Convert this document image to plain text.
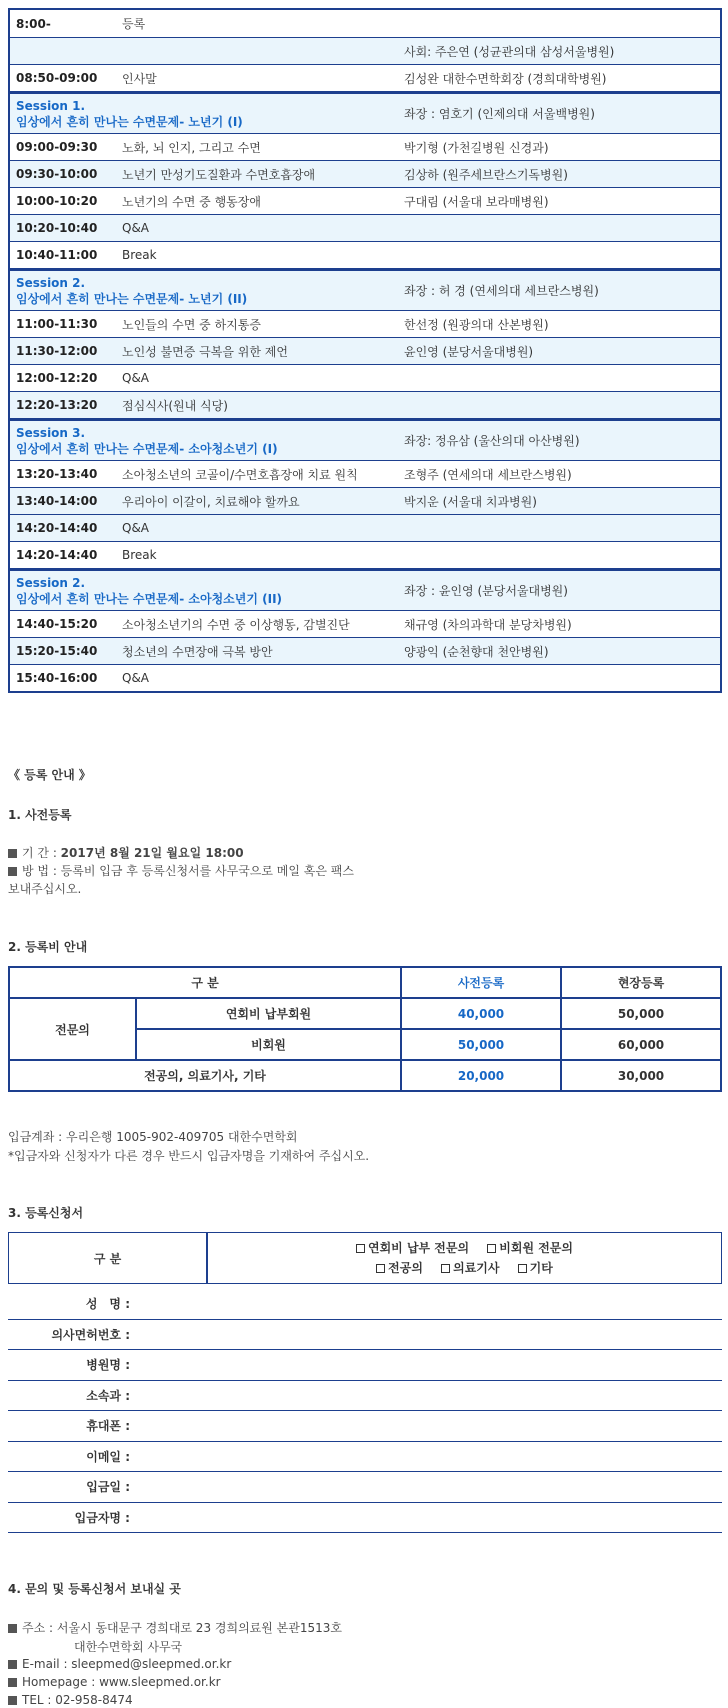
8:00-	등록
사회: 주은연 (성균관의대 삼성서울병원)
08:50-09:00	인사말	김성완 대한수면학회장 (경희대학병원)
Session 1.
임상에서 흔히 만나는 수면문제- 노년기 (I)
좌장 : 염호기 (인제의대 서울백병원)
09:00-09:30	노화, 뇌 인지, 그리고 수면	박기형 (가천길병원 신경과)
09:30-10:00	노년기 만성기도질환과 수면호흡장애	김상하 (원주세브란스기독병원)
10:00-10:20	노년기의 수면 중 행동장애	구대림 (서울대 보라매병원)
10:20-10:40	Q&A
10:40-11:00	Break
Session 2.
임상에서 흔히 만나는 수면문제- 노년기 (II)
좌장 : 허 경 (연세의대 세브란스병원)
11:00-11:30	노인들의 수면 중 하지통증	한선정 (원광의대 산본병원)
11:30-12:00	노인성 불면증 극복을 위한 제언	윤인영 (분당서울대병원)
12:00-12:20	Q&A
12:20-13:20	점심식사(원내 식당)
Session 3.
임상에서 흔히 만나는 수면문제- 소아청소년기 (I)
좌장: 정유삼 (울산의대 아산병원)
13:20-13:40	소아청소년의 코골이/수면호흡장애 치료 원칙	조형주 (연세의대 세브란스병원)
13:40-14:00	우리아이 이갈이, 치료해야 할까요	박지운 (서울대 치과병원)
14:20-14:40	Q&A
14:20-14:40	Break
Session 2.
임상에서 흔히 만나는 수면문제- 소아청소년기 (II)
좌장 : 윤인영 (분당서울대병원)
14:40-15:20	소아청소년기의 수면 중 이상행동, 감별진단	채규영 (차의과학대 분당차병원)
15:20-15:40	청소년의 수면장애 극복 방안	양광익 (순천향대 천안병원)
15:40-16:00	Q&A
《 등록 안내 》
1. 사전등록
기 간 : 2017년 8월 21일 월요일 18:00
방 법 : 등록비 입금 후 등록신청서를 사무국으로 메일 혹은 팩스
보내주십시오.
2. 등록비 안내
구 분		사전등록	현장등록
전문의	연회비 납부회원	40,000	50,000
	비회원	50,000	60,000
전공의, 의료기사, 기타		20,000	30,000
입금계좌 : 우리은행 1005-902-409705 대한수면학회
*입금자와 신청자가 다른 경우 반드시 입금자명을 기재하여 주십시오.
3. 등록신청서
구 분
연회비 납부 전문의	비회원 전문의
전공의	의료기사	기타
성　명 :
의사면허번호 :
병원명 :
소속과 :
휴대폰 :
이메일 :
입금일 :
입금자명 :
4. 문의 및 등록신청서 보내실 곳
주소 : 서울시 동대문구 경희대로 23 경희의료원 본관1513호
대한수면학회 사무국
E-mail : sleepmed@sleepmed.or.kr
Homepage : www.sleepmed.or.kr
TEL : 02-958-8474
